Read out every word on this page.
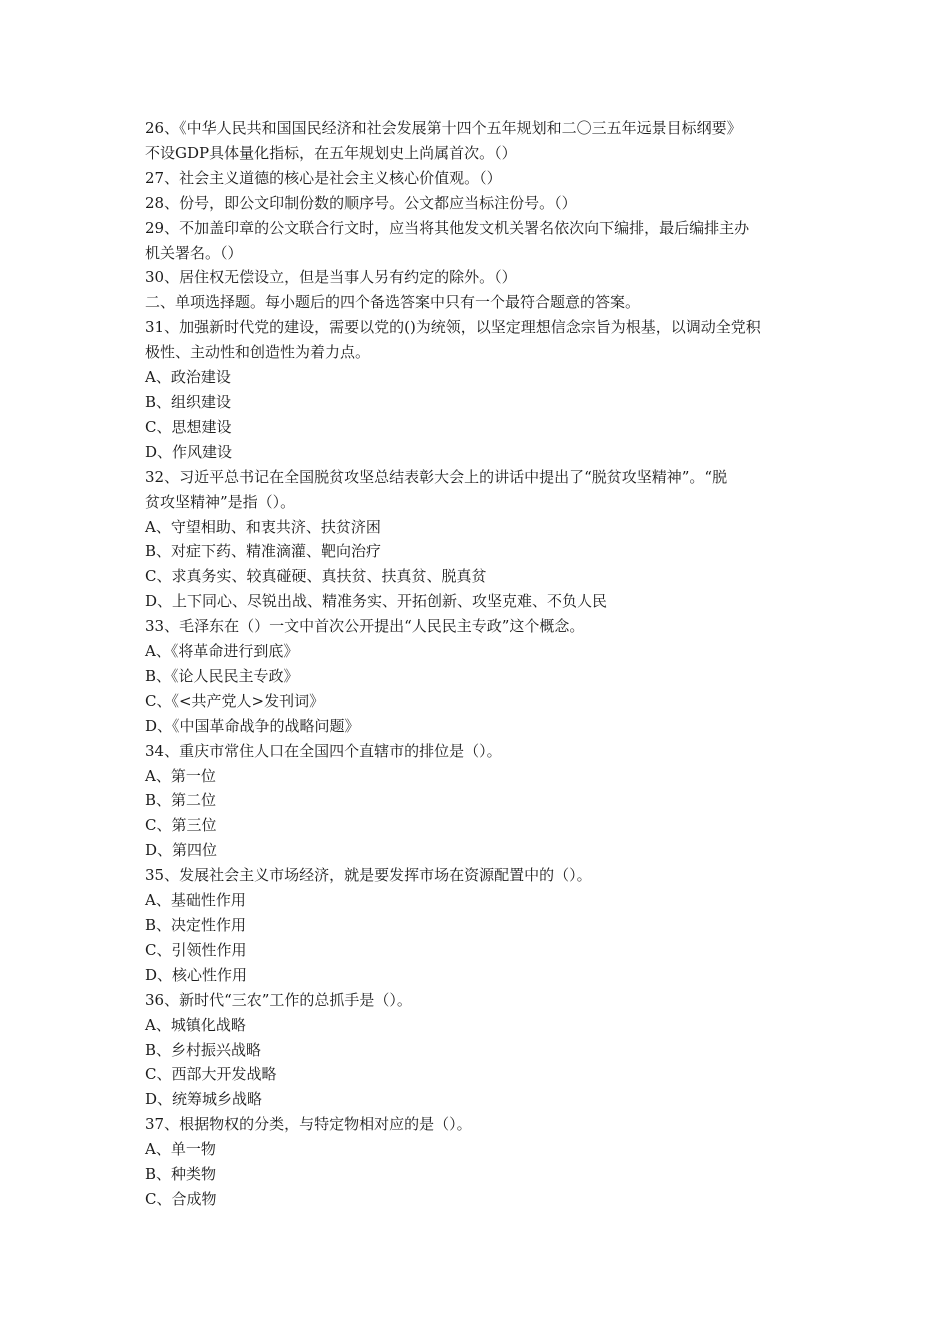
26、《中华人民共和国国民经济和社会发展第十四个五年规划和二〇三五年远景目标纲要》

不设GDP具体量化指标，在五年规划史上尚属首次。（）

27、社会主义道德的核心是社会主义核心价值观。（）

28、份号，即公文印制份数的顺序号。公文都应当标注份号。（）

29、不加盖印章的公文联合行文时，应当将其他发文机关署名依次向下编排，最后编排主办

机关署名。（）

30、居住权无偿设立，但是当事人另有约定的除外。（）

二、单项选择题。每小题后的四个备选答案中只有一个最符合题意的答案。

31、加强新时代党的建设，需要以党的()为统领，以坚定理想信念宗旨为根基，以调动全党积

极性、主动性和创造性为着力点。

A、政治建设

B、组织建设

C、思想建设

D、作风建设

32、习近平总书记在全国脱贫攻坚总结表彰大会上的讲话中提出了“脱贫攻坚精神”。“脱

贫攻坚精神”是指（）。

A、守望相助、和衷共济、扶贫济困

B、对症下药、精准滴灌、靶向治疗

C、求真务实、较真碰硬、真扶贫、扶真贫、脱真贫

D、上下同心、尽锐出战、精准务实、开拓创新、攻坚克难、不负人民

33、毛泽东在（）一文中首次公开提出“人民民主专政”这个概念。

A、《将革命进行到底》

B、《论人民民主专政》

C、《<共产党人>发刊词》

D、《中国革命战争的战略问题》

34、重庆市常住人口在全国四个直辖市的排位是（）。

A、第一位

B、第二位

C、第三位

D、第四位

35、发展社会主义市场经济，就是要发挥市场在资源配置中的（）。

A、基础性作用

B、决定性作用

C、引领性作用

D、核心性作用

36、新时代“三农”工作的总抓手是（）。

A、城镇化战略

B、乡村振兴战略

C、西部大开发战略

D、统筹城乡战略

37、根据物权的分类，与特定物相对应的是（）。

A、单一物

B、种类物

C、合成物
